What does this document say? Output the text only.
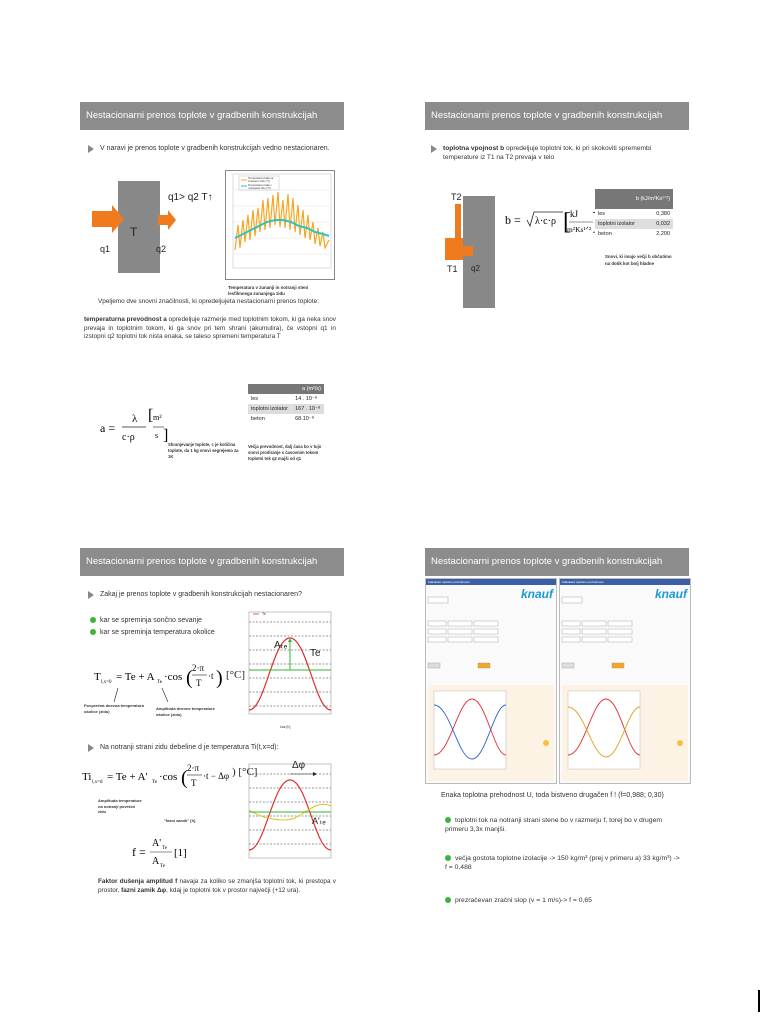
Nestacionarni prenos toplote v gradbenih konstrukcijah
V naravi je prenos toplote v gradbenih konstrukcijah vedno nestacionaren.
T
q1	q2
q1> q2 T↑
Temperatura zraka na zunanjem zidu (°C)
Temperatura zraka v notranjosti zidu (°C)
Temperatura v zunanji in notranji steni lesfilmnega zunanjega zidu
Vpeljemo dve snovni značilnosti, ki opredeljujeta nestacionarni prenos toplote:
temperaturna prevodnost a opredeljuje razmerje med toplotnim tokom, ki ga neka snov prevaja in toplotnim tokom, ki ga snov pri tem shrani (akumulira), če vstopni q1 in izstopni q2 toplotni tok nista enaka, se taleso spremeni temperatura T
a =
λ
c·ρ
[ m²
s ]
Shranjevanje toplote, c je količina toplote, da 1 kg snovi segrejemo za 1K
a (m²/s)	
les	14 . 10⁻⁸
toplotni izolator	167 . 10⁻⁸
beton	68.10⁻⁸
Večja prevodnost, dalj časa bo v tujo snovi prodiranje s časovnim tokom toplotni tok q2 majši od q1
Nestacionarni prenos toplote v gradbenih konstrukcijah
toplotna vpojnost b opredeljuje toplotni tok, ki pri skokoviti spremembi temperature iz T1 na T2 prevaja v telo
T2
T1 q2
b = λ·c·ρ [ kJ
m²Ks¹ᐟ² ]
b (kJ/m²Ks¹ᐟ²)	
les	0,380
toplotni izolator	0,032
beton	2,200
Snovi, ki imajo večji b občutimo na dotik kot bolj hladne
Nestacionarni prenos toplote v gradbenih konstrukcijah
Zakaj je prenos toplote v gradbenih konstrukcijah nestacionaren?
kar se spreminja sončno sevanje
kar se spreminja temperatura okolice
T l,x=0 = Te + A Te ·cos ( 2·π
T
·t ) [°C]
Povprečna dnevna temperatura okolice (zidu)	Amplituda dnevne temperature okolice (zidu)
Te
Aₜₑ
Te
čas [h]
Na notranji strani zidu debeline d je temperatura Ti(t,x=d):
Ti l,x=d = Te + A' Te ·cos ( 2·π
T
·t − Δφ ) [°C]
Amplituda temperature na notranji površini zidu
"fazni zamik" [h]
f =
A' Te
A Te
[1]
Δφ
A'ₜₑ
Faktor dušenja amplitud f navaja za koliko se zmanjša toplotni tok, ki prestopa v prostor, fazni zamik Δφ, kdaj je toplotni tok v prostor največji (+12 ura).
Nestacionarni prenos toplote v gradbenih konstrukcijah
Kalkulator toplotne prehodnosti
knauf
Kalkulator toplotne prehodnosti
knauf
Enaka toplotna prehodnost U, toda bistveno drugačen f ! (f=0,988; 0,30)
toplotni tok na notranji strani stene bo v razmerju f, torej bo v drugem primeru 3,3x manjši.
večja gostota toplotne izolacije -> 150 kg/m³ (prej v primeru a) 33 kg/m³) -> f = 0,488
prezračevan zračni slop (v = 1 m/s)-> f = 0,65
